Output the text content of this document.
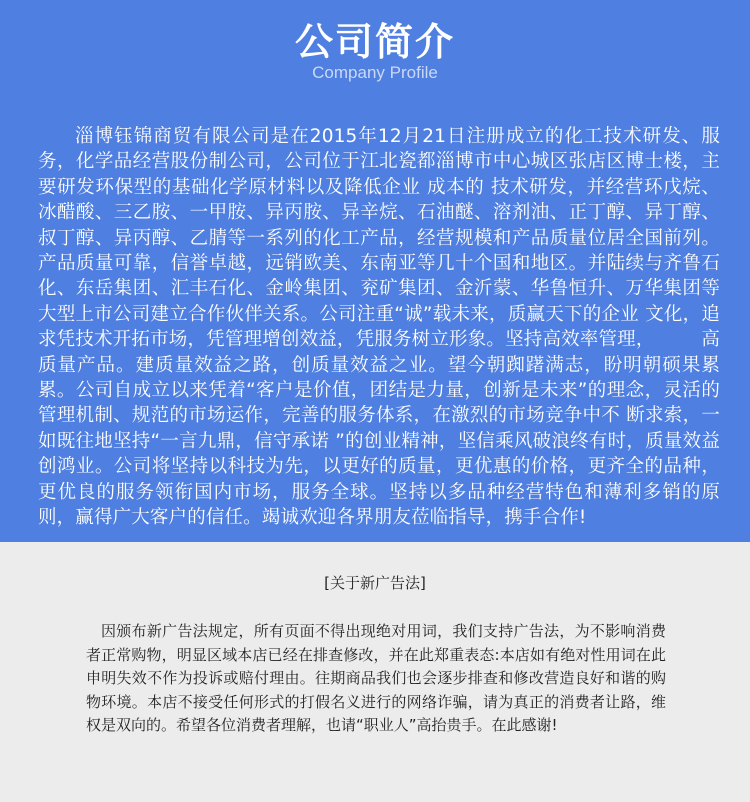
公司简介
Company Profile

淄博钰锦商贸有限公司是在2015年12月21日注册成立的化工技术研发、服务，化学品经营股份制公司，公司位于江北瓷都淄博市中心城区张店区博士楼，主要研发环保型的基础化学原材料以及降低企业 成本的 技术研发，并经营环戊烷、冰醋酸、三乙胺、一甲胺、异丙胺、异辛烷、石油醚、溶剂油、正丁醇、异丁醇、叔丁醇、异丙醇、乙腈等一系列的化工产品，经营规模和产品质量位居全国前列。产品质量可靠，信誉卓越，远销欧美、东南亚等几十个国和地区。并陆续与齐鲁石化、东岳集团、汇丰石化、金岭集团、兖矿集团、金沂蒙、华鲁恒升、万华集团等大型上市公司建立合作伙伴关系。公司注重“诚”载未来，质赢天下的企业 文化，追求凭技术开拓市场，凭管理增创效益，凭服务树立形象。坚持高效率管理，　　　高质量产品。建质量效益之路，创质量效益之业。望今朝踟躇满志，盼明朝硕果累累。公司自成立以来凭着“客户是价值，团结是力量，创新是未来”的理念，灵活的管理机制、规范的市场运作，完善的服务体系，在激烈的市场竞争中不 断求索，一如既往地坚持“一言九鼎，信守承诺 ”的创业精神，坚信乘风破浪终有时，质量效益创鸿业。公司将坚持以科技为先，以更好的质量，更优惠的价格，更齐全的品种，更优良的服务领衔国内市场，服务全球。坚持以多品种经营特色和薄利多销的原则，赢得广大客户的信任。竭诚欢迎各界朋友莅临指导，携手合作!

[关于新广告法]

因颁布新广告法规定，所有页面不得出现绝对用词，我们支持广告法，为不影响消费者正常购物，明显区域本店已经在排查修改，并在此郑重表态:本店如有绝对性用词在此申明失效不作为投诉或赔付理由。往期商品我们也会逐步排查和修改营造良好和谐的购物环境。本店不接受任何形式的打假名义进行的网络诈骗，请为真正的消费者让路，维权是双向的。希望各位消费者理解，也请“职业人”高抬贵手。在此感谢!
